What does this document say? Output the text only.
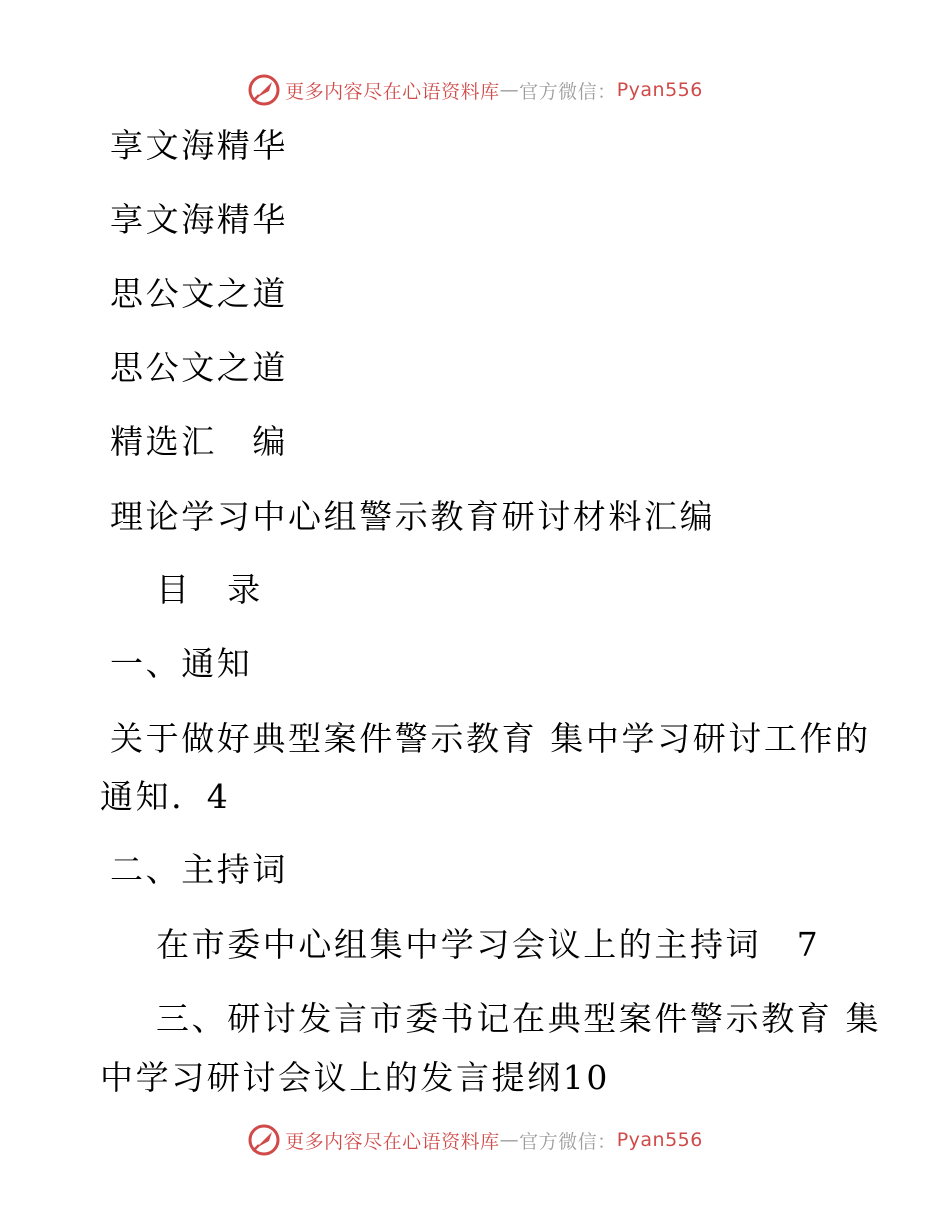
更多内容尽在心语资料库 — 官方微信： Pyan556
享文海精华
享文海精华
思公文之道
思公文之道
精选汇　编
理论学习中心组警示教育研讨材料汇编
目　录
一、通知
关于做好典型案件警示教育 集中学习研讨工作的
通知．4
二、主持词
在市委中心组集中学习会议上的主持词　7
三、研讨发言市委书记在典型案件警示教育 集
中学习研讨会议上的发言提纲10
更多内容尽在心语资料库 — 官方微信： Pyan556
